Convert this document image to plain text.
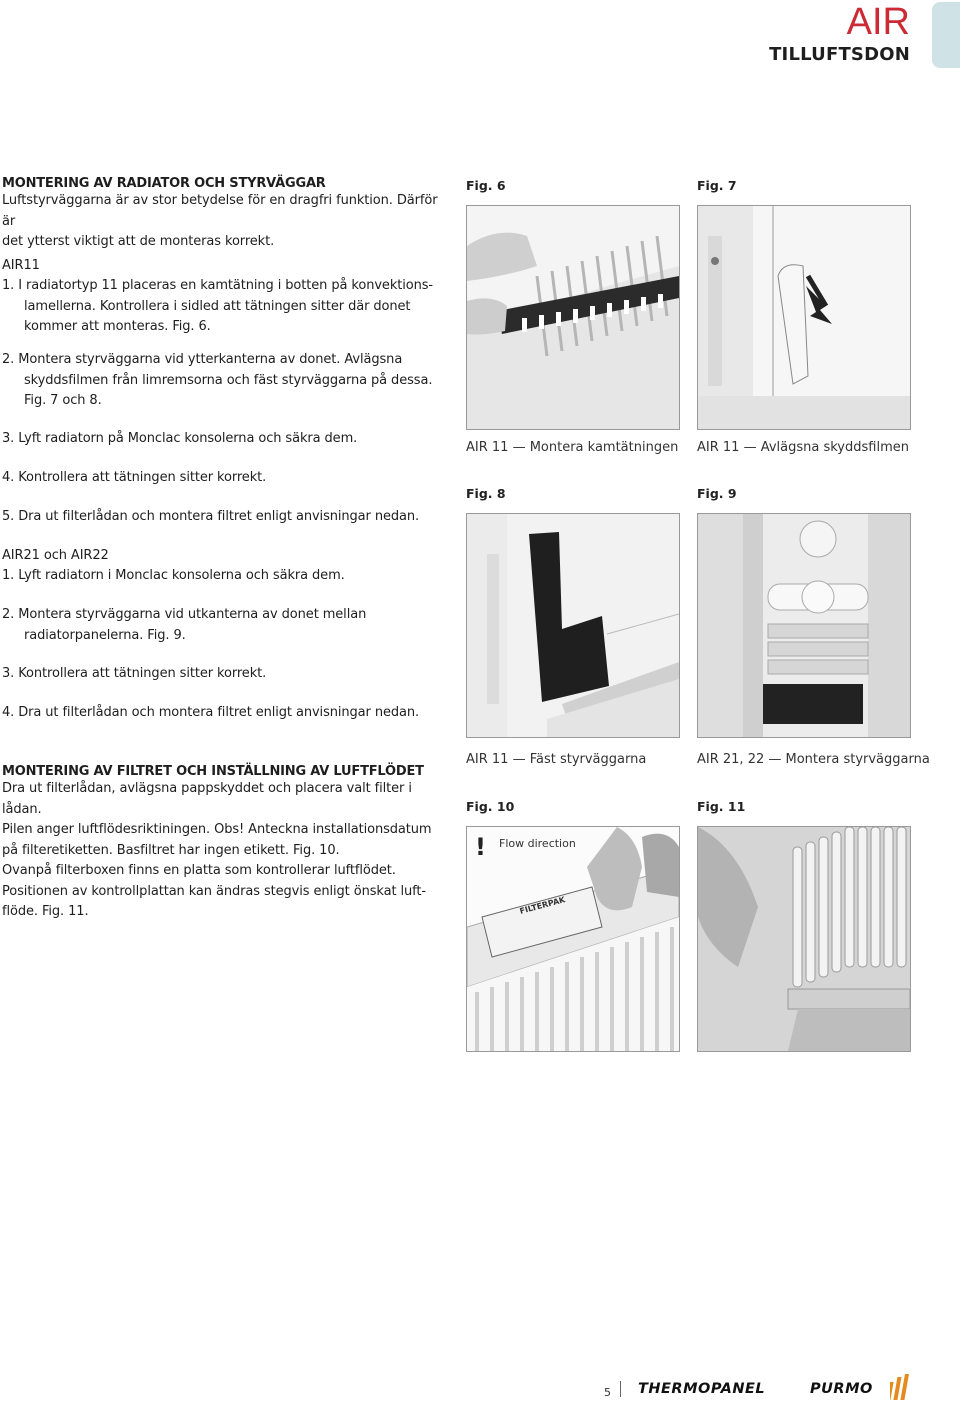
AIR
TILLUFTSDON
MONTERING AV RADIATOR OCH STYRVÄGGAR
Luftstyrväggarna är av stor betydelse för en dragfri funktion. Därför är
det ytterst viktigt att de monteras korrekt.
AIR11
1. I radiatortyp 11 placeras en kamtätning i botten på konvektions-
lamellerna. Kontrollera i sidled att tätningen sitter där donet
kommer att monteras. Fig. 6.
2. Montera styrväggarna vid ytterkanterna av donet. Avlägsna
skyddsfilmen från limremsorna och fäst styrväggarna på dessa.
Fig. 7 och 8.
3. Lyft radiatorn på Monclac konsolerna och säkra dem.
4. Kontrollera att tätningen sitter korrekt.
5. Dra ut filterlådan och montera filtret enligt anvisningar nedan.
AIR21 och AIR22
1. Lyft radiatorn i Monclac konsolerna och säkra dem.
2. Montera styrväggarna vid utkanterna av donet mellan
radiatorpanelerna. Fig. 9.
3. Kontrollera att tätningen sitter korrekt.
4. Dra ut filterlådan och montera filtret enligt anvisningar nedan.
MONTERING AV FILTRET OCH INSTÄLLNING AV LUFTFLÖDET
Dra ut filterlådan, avlägsna pappskyddet och placera valt filter i lådan.
Pilen anger luftflödesriktiningen. Obs! Anteckna installationsdatum
på filteretiketten. Basfiltret har ingen etikett. Fig. 10.
Ovanpå filterboxen finns en platta som kontrollerar luftflödet.
Positionen av kontrollplattan kan ändras stegvis enligt önskat luft-
flöde. Fig. 11.
Fig. 6	Fig. 7
AIR 11 — Montera kamtätningen AIR 11 — Avlägsna skyddsfilmen
Fig. 8	Fig. 9
AIR 11 — Fäst styrväggarna	AIR 21, 22 — Montera styrväggarna
Fig. 10	Fig. 11
! Flow direction
FILTERPAK
5 THERMOPANEL	PURMO
